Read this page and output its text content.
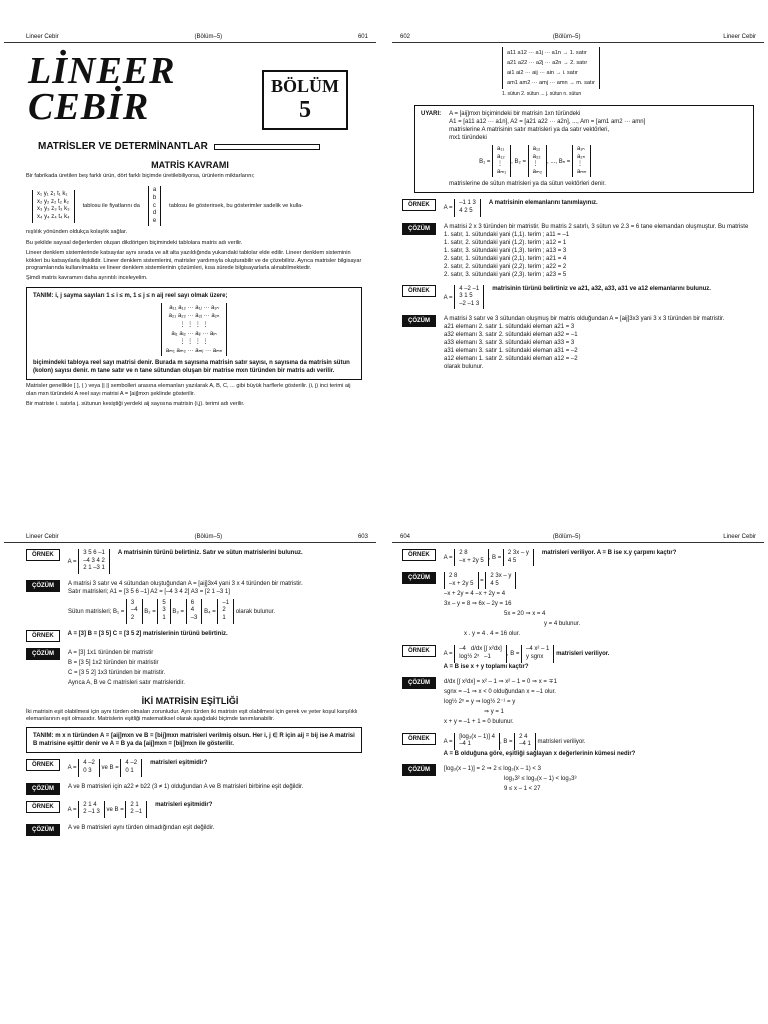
Lineer Cebir	(Bölüm–5)	601
LİNEER
CEBİR	BÖLÜM
5
MATRİSLER VE DETERMİNANTLAR
MATRİS KAVRAMI
Bir fabrikada üretilen beş farklı ürün, dört farklı biçimde üretilebiliyorsa, ürünlerin miktarlarını;
x₁ y₁ z₁ t₁ k₁
x₂ y₂ z₂ t₂ k₂
x₃ y₃ z₃ t₃ k₃
x₄ y₄ z₄ t₄ k₄
tablosu ile fiyatlarını da
a
b
c
d
e
tablosu ile gösterirsek, bu gösterimler sadelik ve kulla-
nışlılık yönünden oldukça kolaylık sağlar.
Bu şekilde sayısal değerlerden oluşan dikdörtgen biçimindeki tablolara matris adı verilir.
Lineer denklem sistemlerinde katsayılar aynı sırada ve alt alta yazıldığında yukarıdaki tablolar elde edilir. Lineer denklem sisteminin kökleri bu katsayılarla ilişkilidir. Lineer denklem sistemlerini, matrisler yardımıyla oluşturabilir ve de çözebiliriz. Ayrıca matrisler bilgisayar programlarında kullanılmakta ve lineer denklem sistemlerinin çözümleri, kısa sürede bilgisayarlarla alınabilmektedir.
Şimdi matris kavramını daha ayrıntılı inceleyelim.
TANIM: i, j sayma sayıları 1 ≤ i ≤ m, 1 ≤ j ≤ n aij reel sayı olmak üzere;
a₁₁ a₁₂ ··· a₁ⱼ ··· a₁ₙ
a₂₁ a₂₂ ··· a₂ⱼ ··· a₂ₙ
⋮ ⋮ ⋮ ⋮
aᵢ₁ aᵢ₂ ··· aᵢⱼ ··· aᵢₙ
⋮ ⋮ ⋮ ⋮
aₘ₁ aₘ₂ ··· aₘⱼ ··· aₘₙ
biçimindeki tabloya reel sayı matrisi denir. Burada m sayısına matrisin satır sayısı, n sayısına da matrisin sütun (kolon) sayısı denir. m tane satır ve n tane sütundan oluşan bir matrise mxn türünden bir matris adı verilir.
Matrisler genellikle [ ], ( ) veya || || sembolleri arasına elemanları yazılarak A, B, C, ... gibi büyük harflerle gösterilir. (i, j) inci terimi aij olan mxn türündeki A reel sayı matrisi A = [aij]mxn şeklinde gösterilir.
Bir matriste i. satırla j. sütunun kesiştiği yerdeki aij sayısına matrisin (i,j). terimi adı verilir.
602	(Bölüm–5)	Lineer Cebir
a11 a12 ··· a1j ··· a1n → 1. satır
a21 a22 ··· a2j ··· a2n → 2. satır
ai1 ai2 ··· aij ··· ain → i. satır
am1 am2 ··· amj ··· amn → m. satır
1. sütun 2. sütun ... j. sütun n. sütun
UYARI: A = [aij]mxn biçimindeki bir matrisin 1xn türündeki
A1 = [a11 a12 ··· a1n], A2 = [a21 a22 ··· a2n], ..., Am = [am1 am2 ··· amn]
matrislerine A matrisinin satır matrisleri ya da satır vektörleri,
mx1 türündeki
B₁ = a₁₁
a₁₂
⋮
aₘ₁, B₂ = a₁₂
a₂₂
⋮
aₘ₂, ..., Bₙ = a₁ₙ
a₂ₙ
⋮
aₘₙ
matrislerine de sütun matrisleri ya da sütun vektörleri denir.
ÖRNEK
A = –1 1 3
4 2 5
A matrisinin elemanlarını tanımlayınız.
ÇÖZÜM	A matrisi 2 x 3 türünden bir matristir. Bu matris 2 satırlı, 3 sütun ve 2.3 = 6 tane elemandan oluşmuştur. Bu matriste
1. satır, 1. sütundaki yani (1,1). terim ; a11 = –1
1. satır, 2. sütundaki yani (1,2). terim ; a12 = 1
1. satır, 3. sütundaki yani (1,3). terim ; a13 = 3
2. satır, 1. sütundaki yani (2,1). terim ; a21 = 4
2. satır, 2. sütundaki yani (2,2). terim ; a22 = 2
2. satır, 3. sütundaki yani (2,3). terim ; a23 = 5
ÖRNEK
A = 4 –2 –1
3 1 5
–2 –1 3
matrisinin türünü belirtiniz ve a21, a32, a33, a31 ve a12 elemanlarını bulunuz.
ÇÖZÜM	A matrisi 3 satır ve 3 sütundan oluşmuş bir matris olduğundan A = [aij]3x3 yani 3 x 3 türünden bir matristir.
a21 elemanı 2. satır 1. sütundaki eleman a21 = 3
a32 elemanı 3. satır 2. sütundaki eleman a32 = –1
a33 elemanı 3. satır 3. sütundaki eleman a33 = 3
a31 elemanı 3. satır 1. sütundaki eleman a31 = –2
a12 elemanı 1. satır 2. sütundaki eleman a12 = –2
olarak bulunur.
Lineer Cebir	(Bölüm–5)	603
ÖRNEK
A = 3 5 6 –1
–4 3 4 2
2 1 –3 1
A matrisinin türünü belirtiniz. Satır ve sütun matrislerini bulunuz.
ÇÖZÜM	A matrisi 3 satır ve 4 sütundan oluştuğundan A = [aij]3x4 yani 3 x 4 türünden bir matristir.
Satır matrisleri; A1 = [3 5 6 –1] A2 = [–4 3 4 2] A3 = [2 1 –3 1]
Sütun matrisleri; B₁ = 3
–4
2 B₂ = 5
3
1 B₃ = 6
4
–3 B₄ = –1
2
1 olarak bulunur.
ÖRNEK	A = [3] B = [3 5] C = [3 5 2] matrislerinin türünü belirtiniz.
ÇÖZÜM	A = [3] 1x1 türünden bir matristir
B = [3 5] 1x2 türünden bir matristir
C = [3 5 2] 1x3 türünden bir matristir.
Ayrıca A, B ve C matrisleri satır matrisleridir.
İKİ MATRİSİN EŞİTLİĞİ
İki matrisin eşit olabilmesi için aynı türden olmaları zorunludur. Aynı türden iki matrisin eşit olabilmesi için gerek ve yeter koşul karşılıklı elemanlarının eşit olmasıdır. Matrislerin eşitliği matematiksel olarak aşağıdaki biçimde tanımlanabilir.
TANIM: m x n türünden A = [aij]mxn ve B = [bij]mxn matrisleri verilmiş olsun. Her i, j ∈ R için aij = bij ise A matrisi B matrisine eşittir denir ve A = B ya da [aij]mxn = [bij]mxn ile gösterilir.
ÖRNEK
A = 4 –2
0 3 ve B = 4 –2
0 1
matrisleri eşitmidir?
ÇÖZÜM	A ve B matrisleri için a22 ≠ b22 (3 ≠ 1) olduğundan A ve B matrisleri birbirine eşit değildir.
ÖRNEK
A = 2 1 4
2 –1 3 ve B = 2 1
2 –1
matrisleri eşitmidir?
ÇÖZÜM	A ve B matrisleri aynı türden olmadığından eşit değildir.
604	(Bölüm–5)	Lineer Cebir
ÖRNEK
A = 2 8
–x + 2y 5 , B = 2 3x – y
4 5
matrisleri veriliyor. A = B ise x.y çarpımı kaçtır?
ÇÖZÜM	2 8
–x + 2y 5 = 2 3x – y
4 5
–x + 2y = 4 –x + 2y = 4
3x – y = 8 ⇒ 6x – 2y = 16
5x = 20 ⇒ x = 4
y = 4 bulunur.
x . y = 4 . 4 = 16 olur.
ÖRNEK
A = –4   d/dx [∫ x²dx]
log½ 2ˣ   –1	, B = –4 x² – 1
y sgnx matrisleri veriliyor.
A = B ise x + y toplamı kaçtır?
ÇÖZÜM	d/dx [∫ x²dx] = x² – 1 ⇒ x² – 1 = 0 ⇒ x = ∓1
sgnx = –1 ⇒ x < 0 olduğundan x = –1 olur.
log½ 2ˣ = y ⇒ log½ 2⁻¹ = y
⇒ y = 1
x + y = –1 + 1 = 0 bulunur.
ÖRNEK
A = [log₃(x – 1)] 4
–4 1	, B = 2 4
–4 1 matrisleri veriliyor.
A = B olduğuna göre, eşitliği sağlayan x değerlerinin kümesi nedir?
ÇÖZÜM	[log₃(x – 1)] = 2 ⇒ 2 ≤ log₃(x – 1) < 3
log₃3² ≤ log₃(x – 1) < log₃3³
9 ≤ x – 1 < 27
